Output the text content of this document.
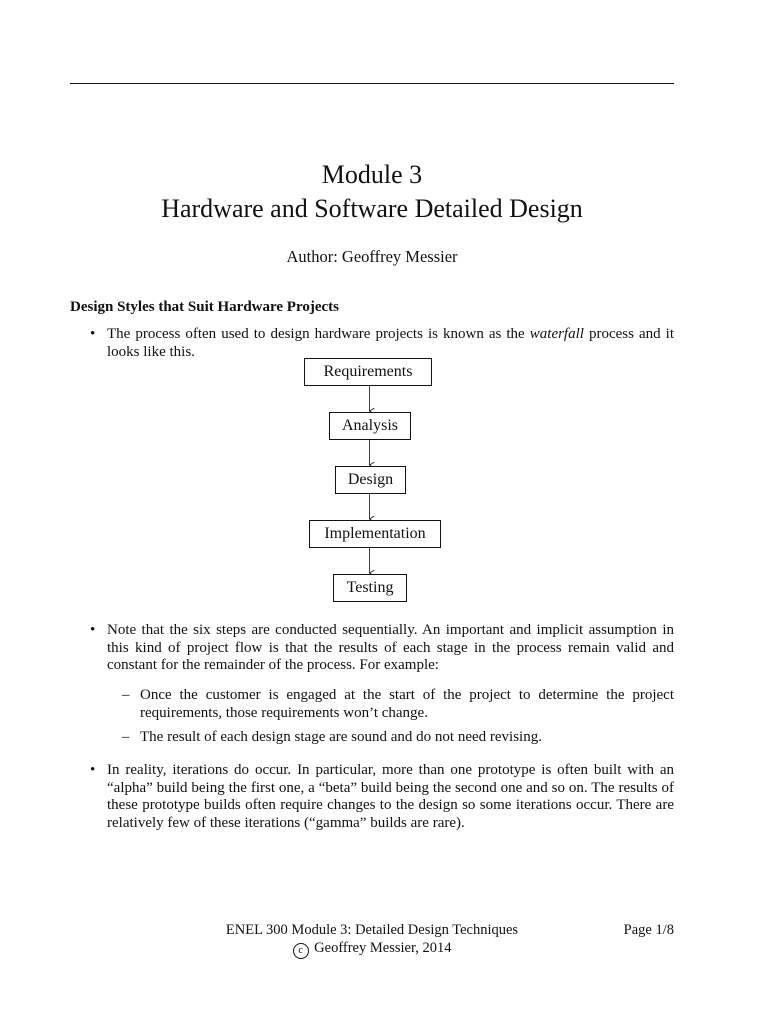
Module 3
Hardware and Software Detailed Design
Author: Geoffrey Messier
Design Styles that Suit Hardware Projects
• The process often used to design hardware projects is known as the waterfall process and it looks like this.
Requirements
Analysis
Design
Implementation
Testing
• Note that the six steps are conducted sequentially. An important and implicit assumption in this kind of project flow is that the results of each stage in the process remain valid and constant for the remainder of the process. For example:
– Once the customer is engaged at the start of the project to determine the project requirements, those requirements won’t change.
– The result of each design stage are sound and do not need revising.
• In reality, iterations do occur. In particular, more than one prototype is often built with an “alpha” build being the first one, a “beta” build being the second one and so on. The results of these prototype builds often require changes to the design so some iterations occur. There are relatively few of these iterations (“gamma” builds are rare).
ENEL 300 Module 3: Detailed Design Techniques
c Geoffrey Messier, 2014
Page 1/8
